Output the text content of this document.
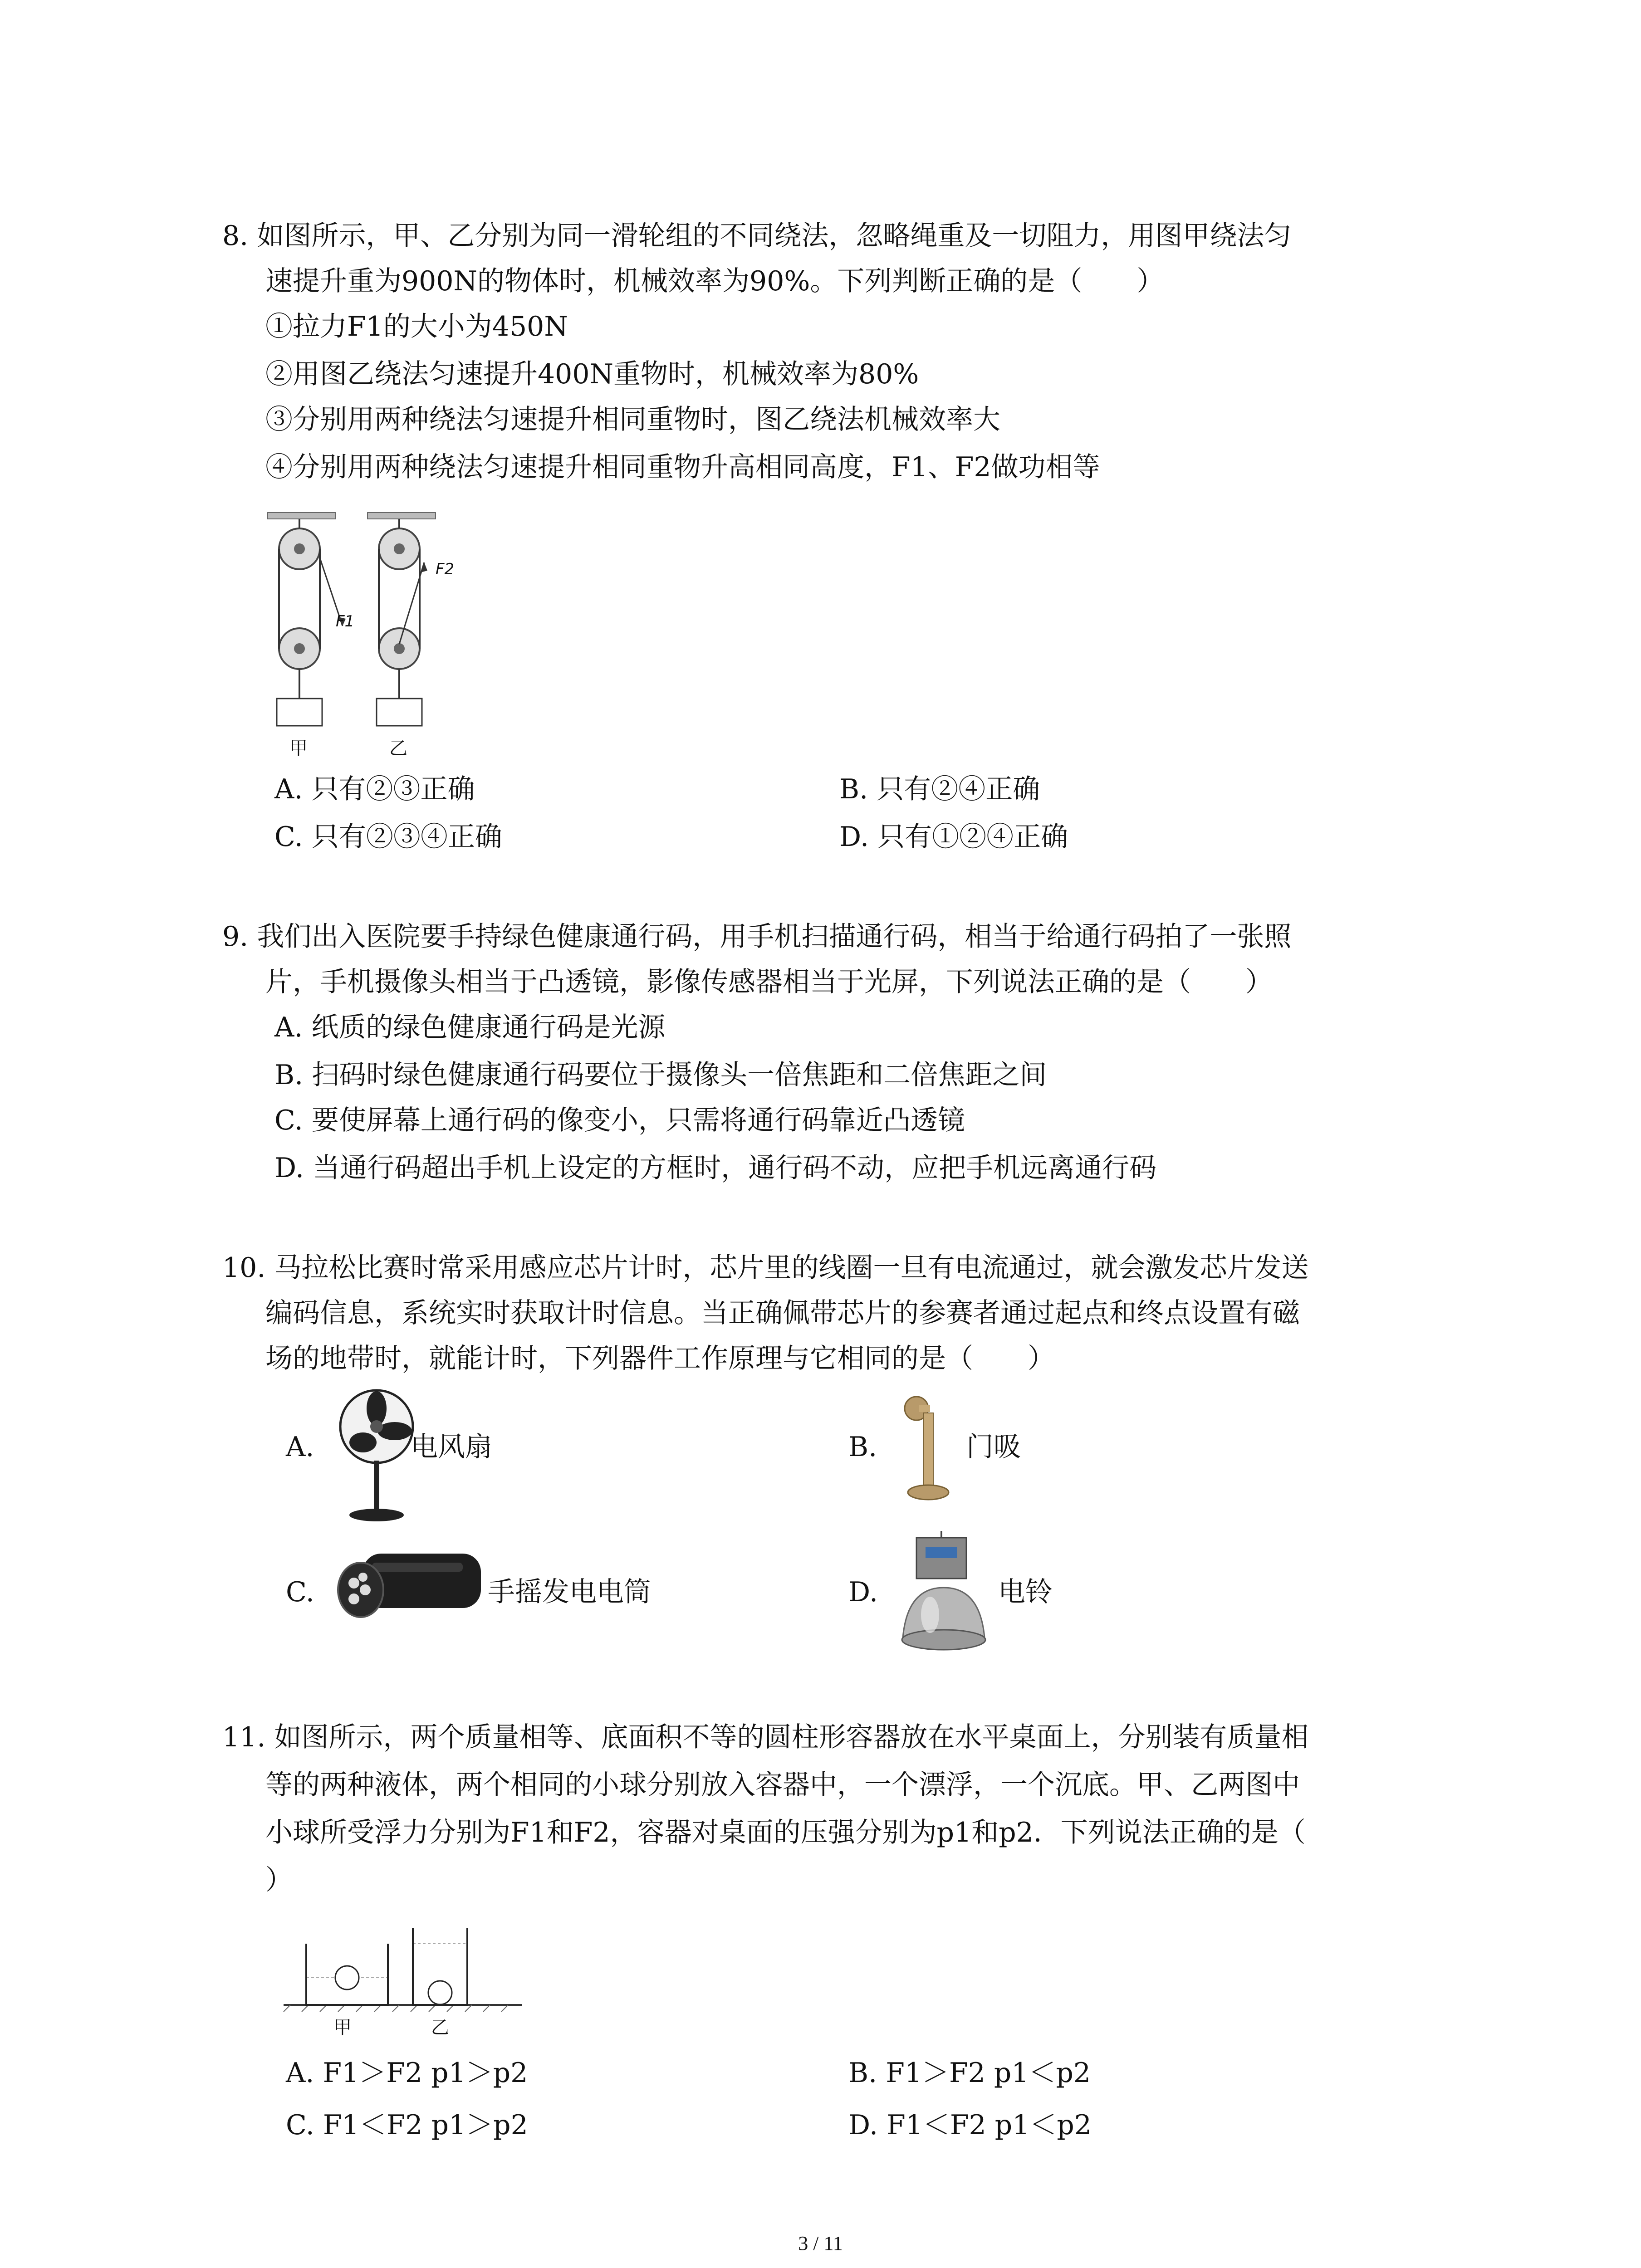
8. 如图所示，甲、乙分别为同一滑轮组的不同绕法，忽略绳重及一切阻力，用图甲绕法匀
速提升重为900N的物体时，机械效率为90%。下列判断正确的是（　　）
①拉力F1的大小为450N
②用图乙绕法匀速提升400N重物时，机械效率为80%
③分别用两种绕法匀速提升相同重物时，图乙绕法机械效率大
④分别用两种绕法匀速提升相同重物升高相同高度，F1、F2做功相等
F1
F2
甲	乙
A. 只有②③正确	B. 只有②④正确
C. 只有②③④正确	D. 只有①②④正确
9. 我们出入医院要手持绿色健康通行码，用手机扫描通行码，相当于给通行码拍了一张照
片，手机摄像头相当于凸透镜，影像传感器相当于光屏，下列说法正确的是（　　）
A. 纸质的绿色健康通行码是光源
B. 扫码时绿色健康通行码要位于摄像头一倍焦距和二倍焦距之间
C. 要使屏幕上通行码的像变小，只需将通行码靠近凸透镜
D. 当通行码超出手机上设定的方框时，通行码不动，应把手机远离通行码
10. 马拉松比赛时常采用感应芯片计时，芯片里的线圈一旦有电流通过，就会激发芯片发送
编码信息，系统实时获取计时信息。当正确佩带芯片的参赛者通过起点和终点设置有磁
场的地带时，就能计时，下列器件工作原理与它相同的是（　　）
A.	电风扇	B.	门吸
C.	手摇发电电筒	D.	电铃
11. 如图所示，两个质量相等、底面积不等的圆柱形容器放在水平桌面上，分别装有质量相
等的两种液体，两个相同的小球分别放入容器中，一个漂浮，一个沉底。甲、乙两图中
小球所受浮力分别为F1和F2，容器对桌面的压强分别为p1和p2．下列说法正确的是（
）
甲	乙
A. F1＞F2 p1＞p2	B. F1＞F2 p1＜p2
C. F1＜F2 p1＞p2	D. F1＜F2 p1＜p2
3 / 11
